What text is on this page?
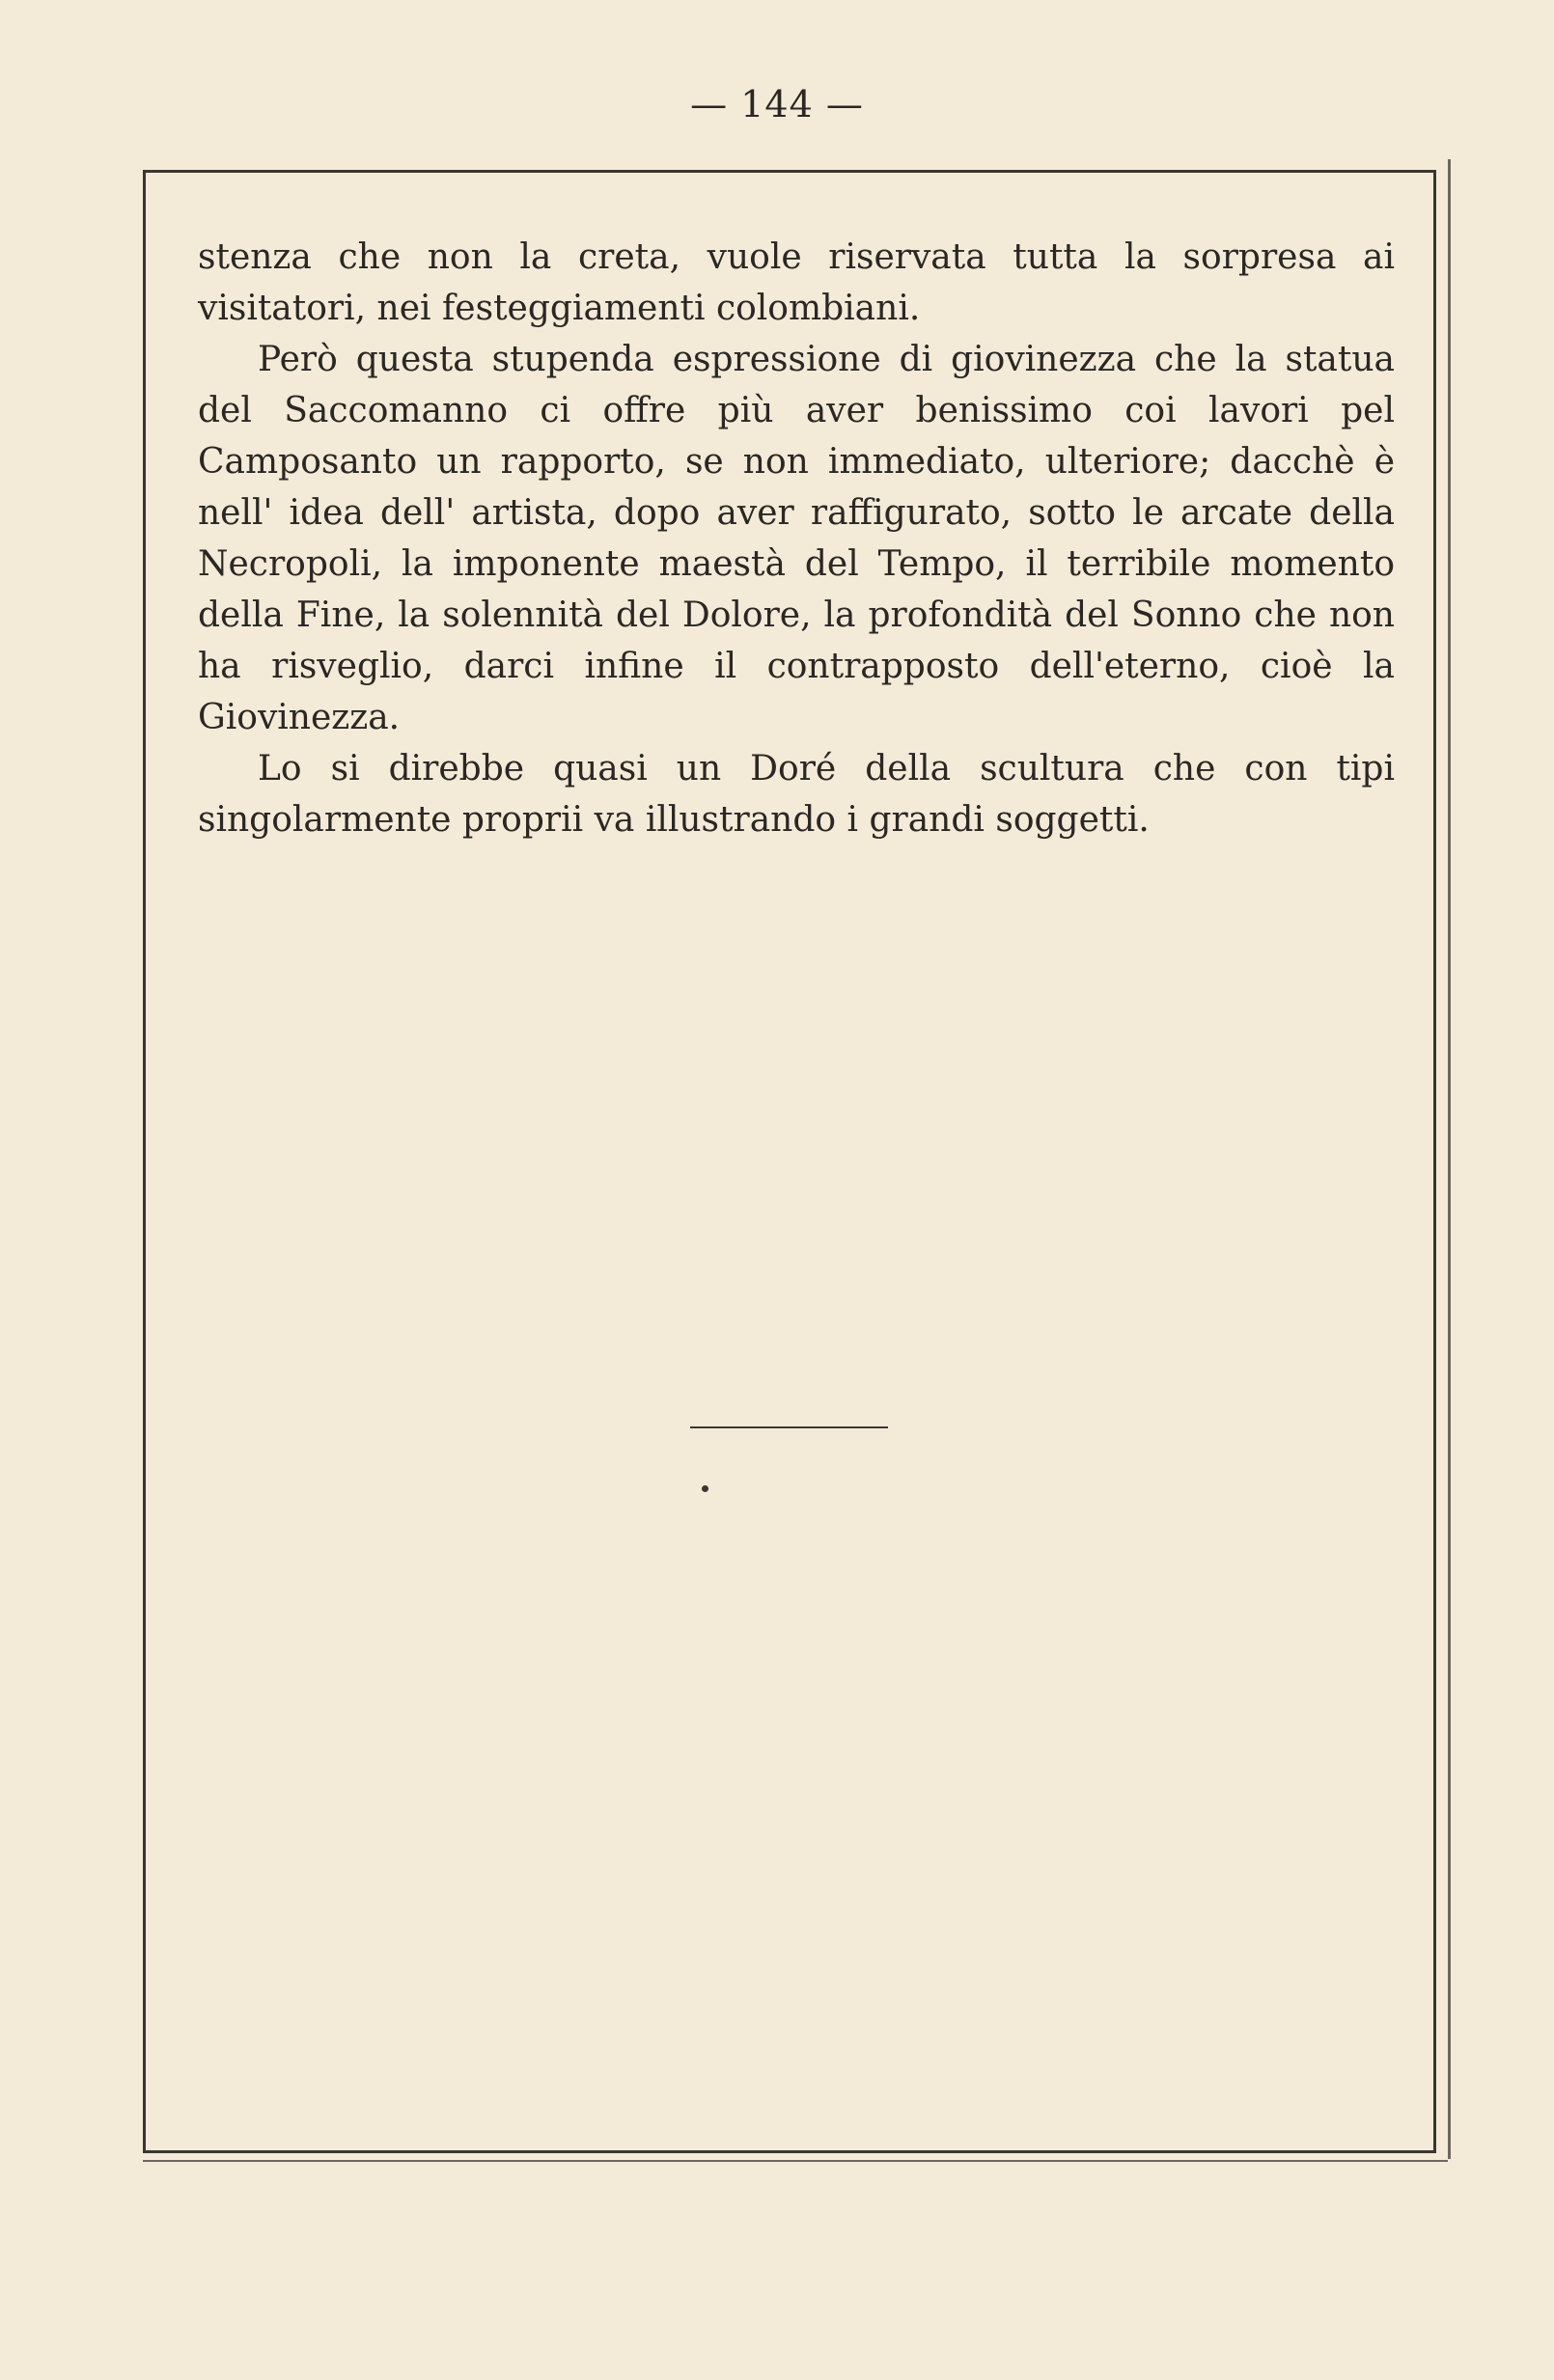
— 144 —

stenza che non la creta, vuole riservata tutta la sorpresa ai visitatori, nei festeggiamenti colombiani.

Però questa stupenda espressione di giovinezza che la statua del Saccomanno ci offre più aver benissimo coi lavori pel Camposanto un rapporto, se non immediato, ulteriore; dacchè è nell' idea dell' artista, dopo aver raffigurato, sotto le arcate della Necropoli, la imponente maestà del Tempo, il terribile momento della Fine, la solennità del Dolore, la profondità del Sonno che non ha risveglio, darci infine il contrapposto dell'eterno, cioè la Giovinezza.

Lo si direbbe quasi un Doré della scultura che con tipi singolarmente proprii va illustrando i grandi soggetti.
